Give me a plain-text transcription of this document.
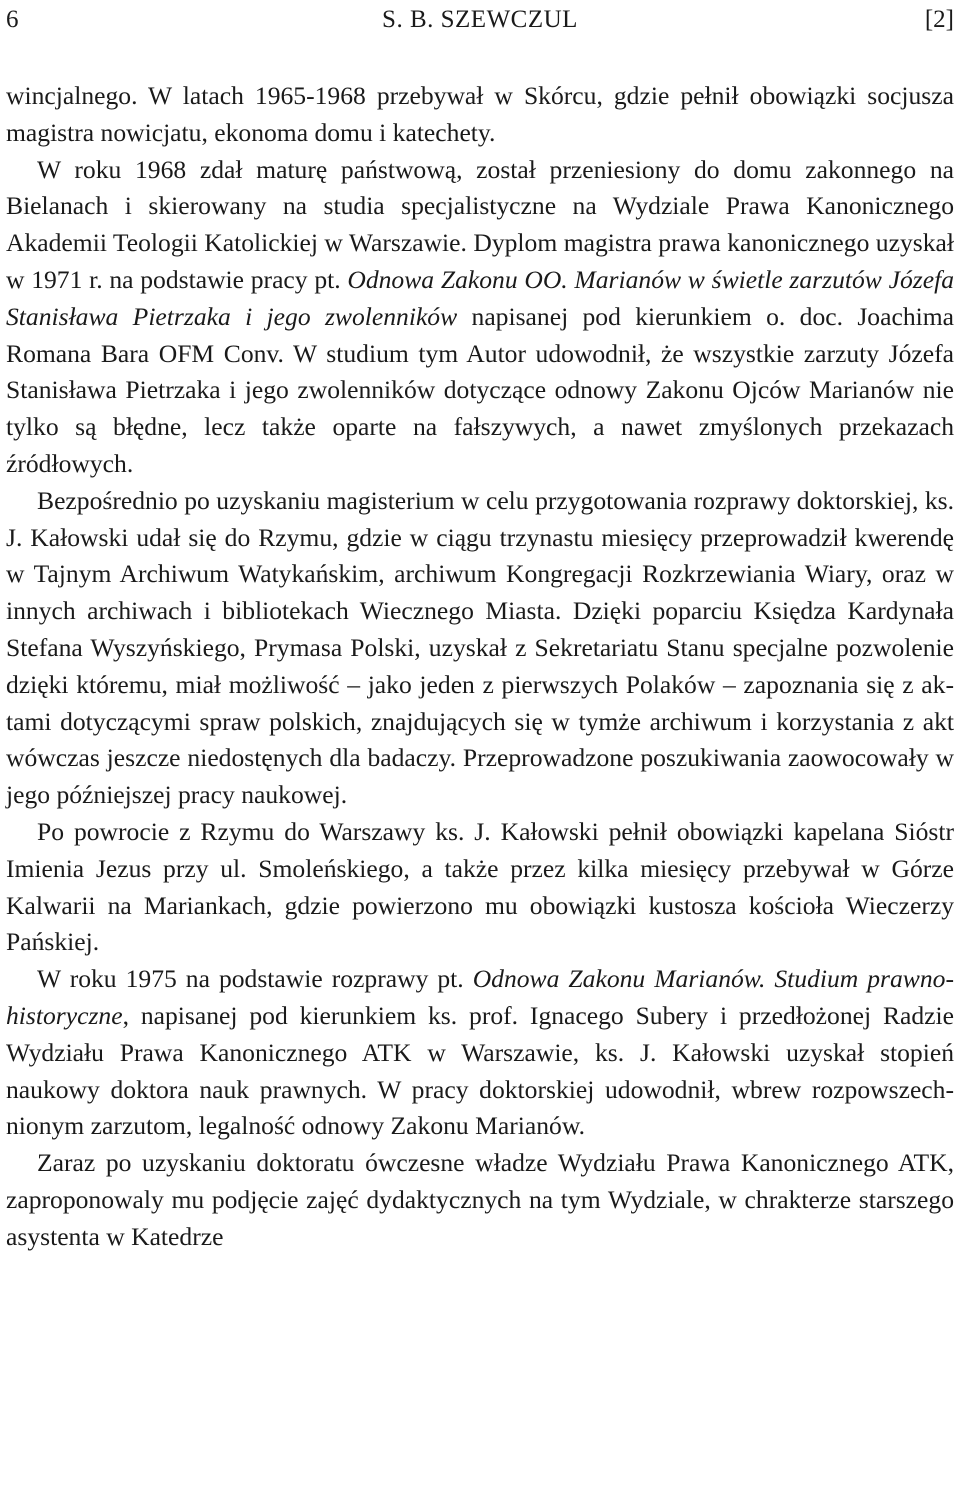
6	S. B. SZEWCZUL	[2]

wincjalnego. W latach 1965-1968 przebywał w Skórcu, gdzie pełnił obowiązki socjusza magistra nowicjatu, ekonoma domu i katechety.

W roku 1968 zdał maturę państwową, został przeniesiony do domu zakonnego na Bielanach i skierowany na studia specjalistyczne na Wydziale Prawa Kanonicznego Akademii Teologii Katolickiej w Warszawie. Dyplom magistra prawa kanonicznego uzyskał w 1971 r. na podstawie pracy pt. Odnowa Zakonu OO. Marianów w świetle zarzutów Józefa Stanisława Pietrzaka i jego zwolenników napisanej pod kierunkiem o. doc. Joachima Romana Bara OFM Conv. W studium tym Autor udowodnił, że wszystkie zarzuty Józefa Stanisława Pietrzaka i jego zwolenników dotyczące odnowy Zakonu Ojców Marianów nie tylko są błędne, lecz także oparte na fałszywych, a nawet zmyślonych przekazach źródłowych.

Bezpośrednio po uzyskaniu magisterium w celu przygotowania rozprawy doktorskiej, ks. J. Kałowski udał się do Rzymu, gdzie w ciągu trzynastu miesięcy przeprowadził kwerendę w Tajnym Archiwum Watykańskim, archiwum Kongregacji Rozkrzewiania Wiary, oraz w innych archiwach i bibliotekach Wiecznego Miasta. Dzięki poparciu Księdza Kardynała Stefana Wyszyńskiego, Prymasa Polski, uzyskał z Sekretariatu Stanu specjalne pozwolenie dzięki któremu, miał możliwość – jako jeden z pierwszych Polaków – zapoznania się z aktami dotyczącymi spraw polskich, znajdujących się w tymże archiwum i korzystania z akt wówczas jeszcze niedostęnych dla badaczy. Przeprowadzone poszukiwania zaowocowały w jego późniejszej pracy naukowej.

Po powrocie z Rzymu do Warszawy ks. J. Kałowski pełnił obowiązki kapelana Sióstr Imienia Jezus przy ul. Smoleńskiego, a także przez kilka miesięcy przebywał w Górze Kalwarii na Mariankach, gdzie powierzono mu obowiązki kustosza kościoła Wieczerzy Pańskiej.

W roku 1975 na podstawie rozprawy pt. Odnowa Zakonu Marianów. Studium prawno-historyczne, napisanej pod kierunkiem ks. prof. Ignacego Subery i przedłożonej Radzie Wydziału Prawa Kanonicznego ATK w Warszawie, ks. J. Kałowski uzyskał stopień naukowy doktora nauk prawnych. W pracy doktorskiej udowodnił, wbrew rozpowszechnionym zarzutom, legalność odnowy Zakonu Marianów.

Zaraz po uzyskaniu doktoratu ówczesne władze Wydziału Prawa Kanonicznego ATK, zaproponowaly mu podjęcie zajęć dydaktycznych na tym Wydziale, w chrakterze starszego asystenta w Katedrze
